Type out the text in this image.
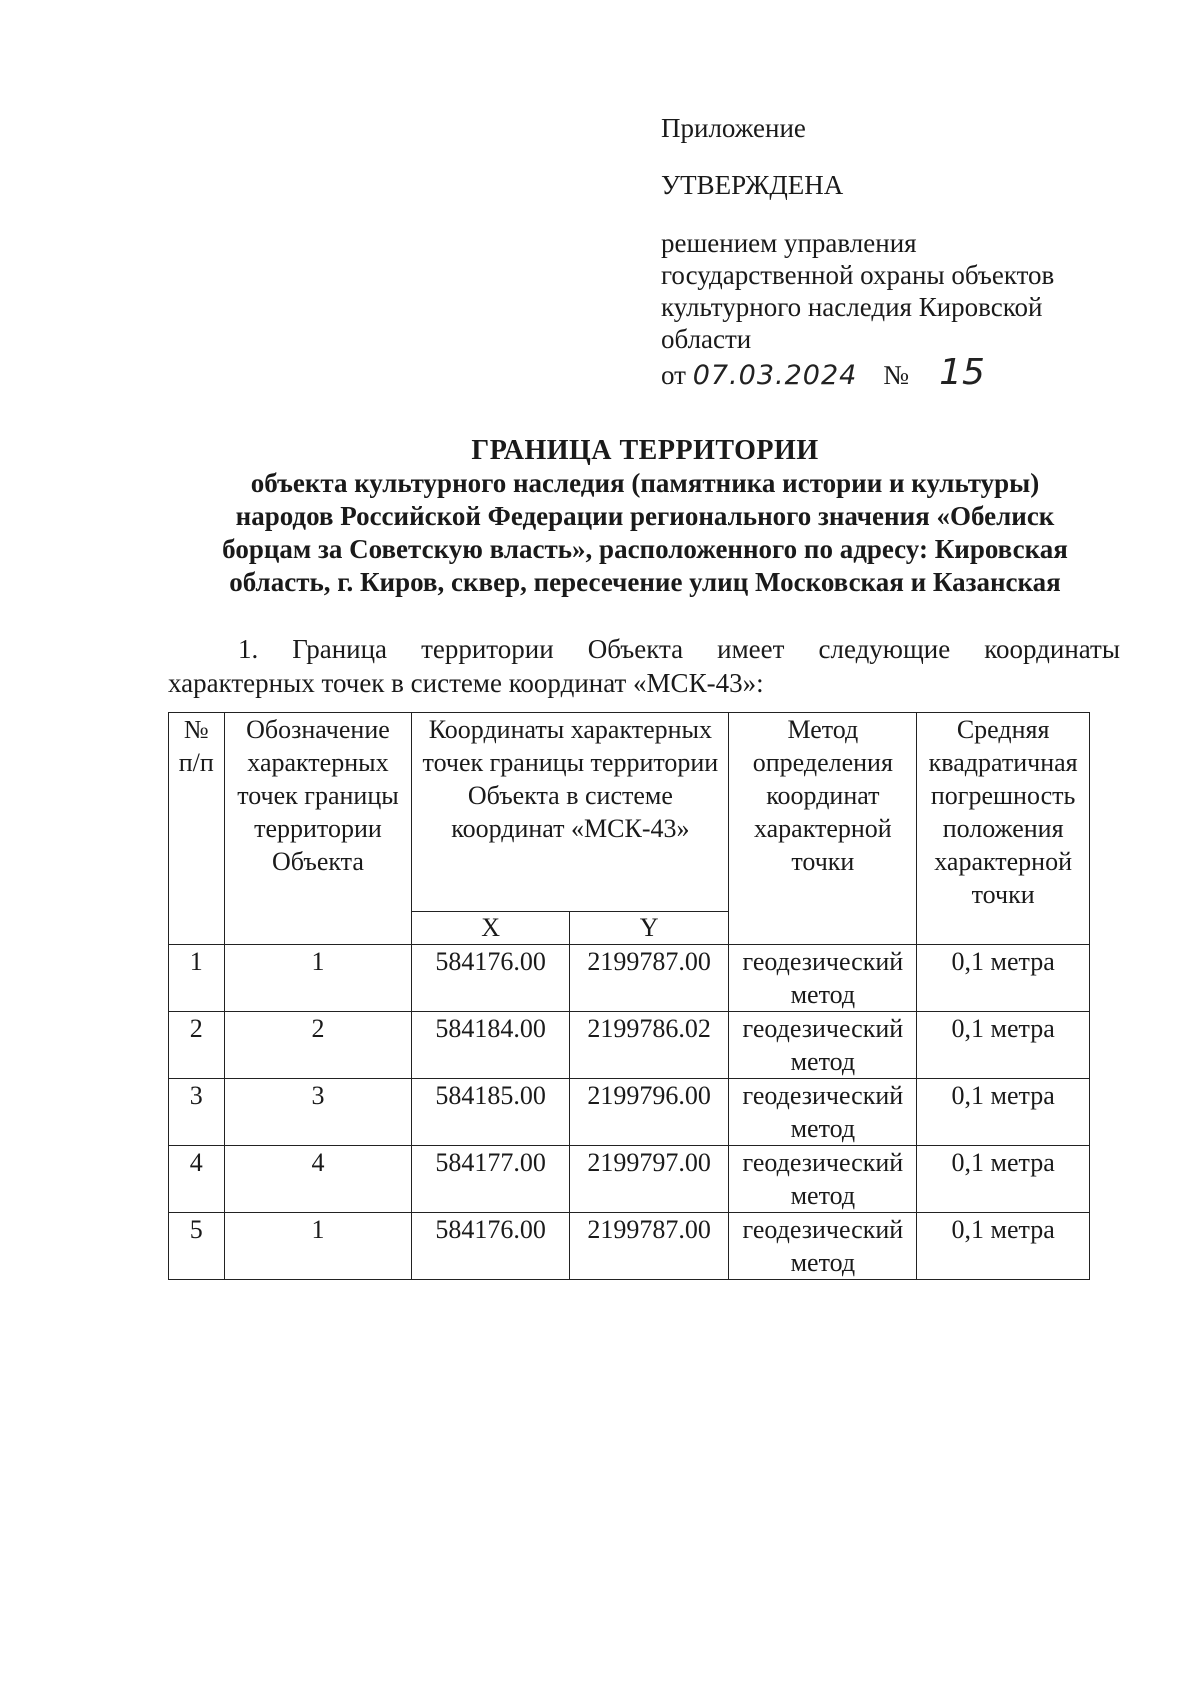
Приложение
УТВЕРЖДЕНА
решением управления
государственной охраны объектов
культурного наследия Кировской
области
от 07.03.2024 № 15
ГРАНИЦА ТЕРРИТОРИИ
объекта культурного наследия (памятника истории и культуры)
народов Российской Федерации регионального значения «Обелиск
борцам за Советскую власть», расположенного по адресу: Кировская
область, г. Киров, сквер, пересечение улиц Московская и Казанская
1. Граница территории Объекта имеет следующие координаты
характерных точек в системе координат «МСК-43»:
№ п/п	Обозначение характерных точек границы территории Объекта	Координаты характерных точек границы территории Объекта в системе координат «МСК-43»		Метод определения координат характерной точки	Средняя квадратичная погрешность положения характерной точки
		X	Y		
1	1	584176.00	2199787.00	геодезический метод	0,1 метра
2	2	584184.00	2199786.02	геодезический метод	0,1 метра
3	3	584185.00	2199796.00	геодезический метод	0,1 метра
4	4	584177.00	2199797.00	геодезический метод	0,1 метра
5	1	584176.00	2199787.00	геодезический метод	0,1 метра
